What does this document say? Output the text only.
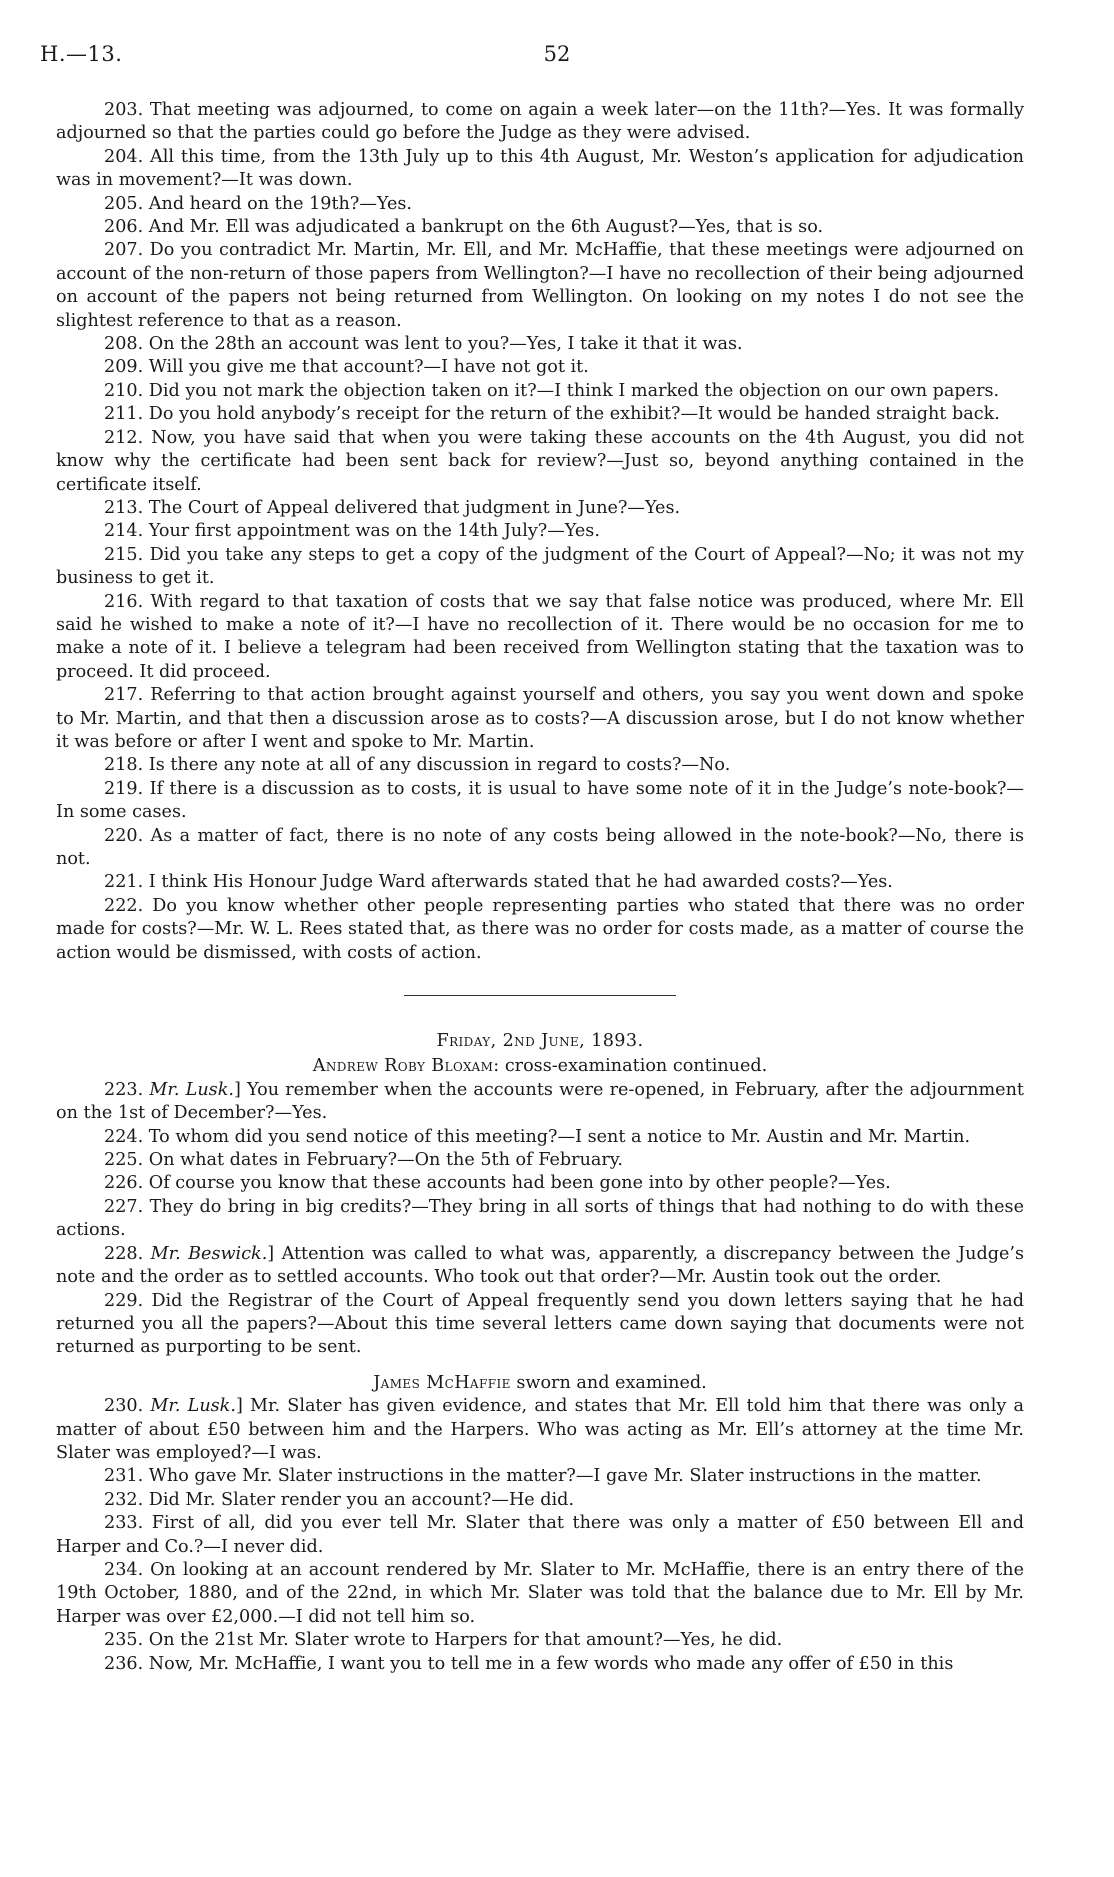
H.—13.	52

203. That meeting was adjourned, to come on again a week later—on the 11th?—Yes. It was formally adjourned so that the parties could go before the Judge as they were advised.

204. All this time, from the 13th July up to this 4th August, Mr. Weston’s application for adjudication was in movement?—It was down.

205. And heard on the 19th?—Yes.

206. And Mr. Ell was adjudicated a bankrupt on the 6th August?—Yes, that is so.

207. Do you contradict Mr. Martin, Mr. Ell, and Mr. McHaffie, that these meetings were adjourned on account of the non-return of those papers from Wellington?—I have no recollection of their being adjourned on account of the papers not being returned from Wellington. On looking on my notes I do not see the slightest reference to that as a reason.

208. On the 28th an account was lent to you?—Yes, I take it that it was.

209. Will you give me that account?—I have not got it.

210. Did you not mark the objection taken on it?—I think I marked the objection on our own papers.

211. Do you hold anybody’s receipt for the return of the exhibit?—It would be handed straight back.

212. Now, you have said that when you were taking these accounts on the 4th August, you did not know why the certificate had been sent back for review?—Just so, beyond anything contained in the certificate itself.

213. The Court of Appeal delivered that judgment in June?—Yes.

214. Your first appointment was on the 14th July?—Yes.

215. Did you take any steps to get a copy of the judgment of the Court of Appeal?—No; it was not my business to get it.

216. With regard to that taxation of costs that we say that false notice was produced, where Mr. Ell said he wished to make a note of it?—I have no recollection of it. There would be no occasion for me to make a note of it. I believe a telegram had been received from Wellington stating that the taxation was to proceed. It did proceed.

217. Referring to that action brought against yourself and others, you say you went down and spoke to Mr. Martin, and that then a discussion arose as to costs?—A discussion arose, but I do not know whether it was before or after I went and spoke to Mr. Martin.

218. Is there any note at all of any discussion in regard to costs?—No.

219. If there is a discussion as to costs, it is usual to have some note of it in the Judge’s note-book?—In some cases.

220. As a matter of fact, there is no note of any costs being allowed in the note-book?—No, there is not.

221. I think His Honour Judge Ward afterwards stated that he had awarded costs?—Yes.

222. Do you know whether other people representing parties who stated that there was no order made for costs?—Mr. W. L. Rees stated that, as there was no order for costs made, as a matter of course the action would be dismissed, with costs of action.

Friday, 2nd June, 1893.

Andrew Roby Bloxam: cross-examination continued.

223. Mr. Lusk.] You remember when the accounts were re-opened, in February, after the adjournment on the 1st of December?—Yes.

224. To whom did you send notice of this meeting?—I sent a notice to Mr. Austin and Mr. Martin.

225. On what dates in February?—On the 5th of February.

226. Of course you know that these accounts had been gone into by other people?—Yes.

227. They do bring in big credits?—They bring in all sorts of things that had nothing to do with these actions.

228. Mr. Beswick.] Attention was called to what was, apparently, a discrepancy between the Judge’s note and the order as to settled accounts. Who took out that order?—Mr. Austin took out the order.

229. Did the Registrar of the Court of Appeal frequently send you down letters saying that he had returned you all the papers?—About this time several letters came down saying that documents were not returned as purporting to be sent.

James McHaffie sworn and examined.

230. Mr. Lusk.] Mr. Slater has given evidence, and states that Mr. Ell told him that there was only a matter of about £50 between him and the Harpers. Who was acting as Mr. Ell’s attorney at the time Mr. Slater was employed?—I was.

231. Who gave Mr. Slater instructions in the matter?—I gave Mr. Slater instructions in the matter.

232. Did Mr. Slater render you an account?—He did.

233. First of all, did you ever tell Mr. Slater that there was only a matter of £50 between Ell and Harper and Co.?—I never did.

234. On looking at an account rendered by Mr. Slater to Mr. McHaffie, there is an entry there of the 19th October, 1880, and of the 22nd, in which Mr. Slater was told that the balance due to Mr. Ell by Mr. Harper was over £2,000.—I did not tell him so.

235. On the 21st Mr. Slater wrote to Harpers for that amount?—Yes, he did.

236. Now, Mr. McHaffie, I want you to tell me in a few words who made any offer of £50 in this
